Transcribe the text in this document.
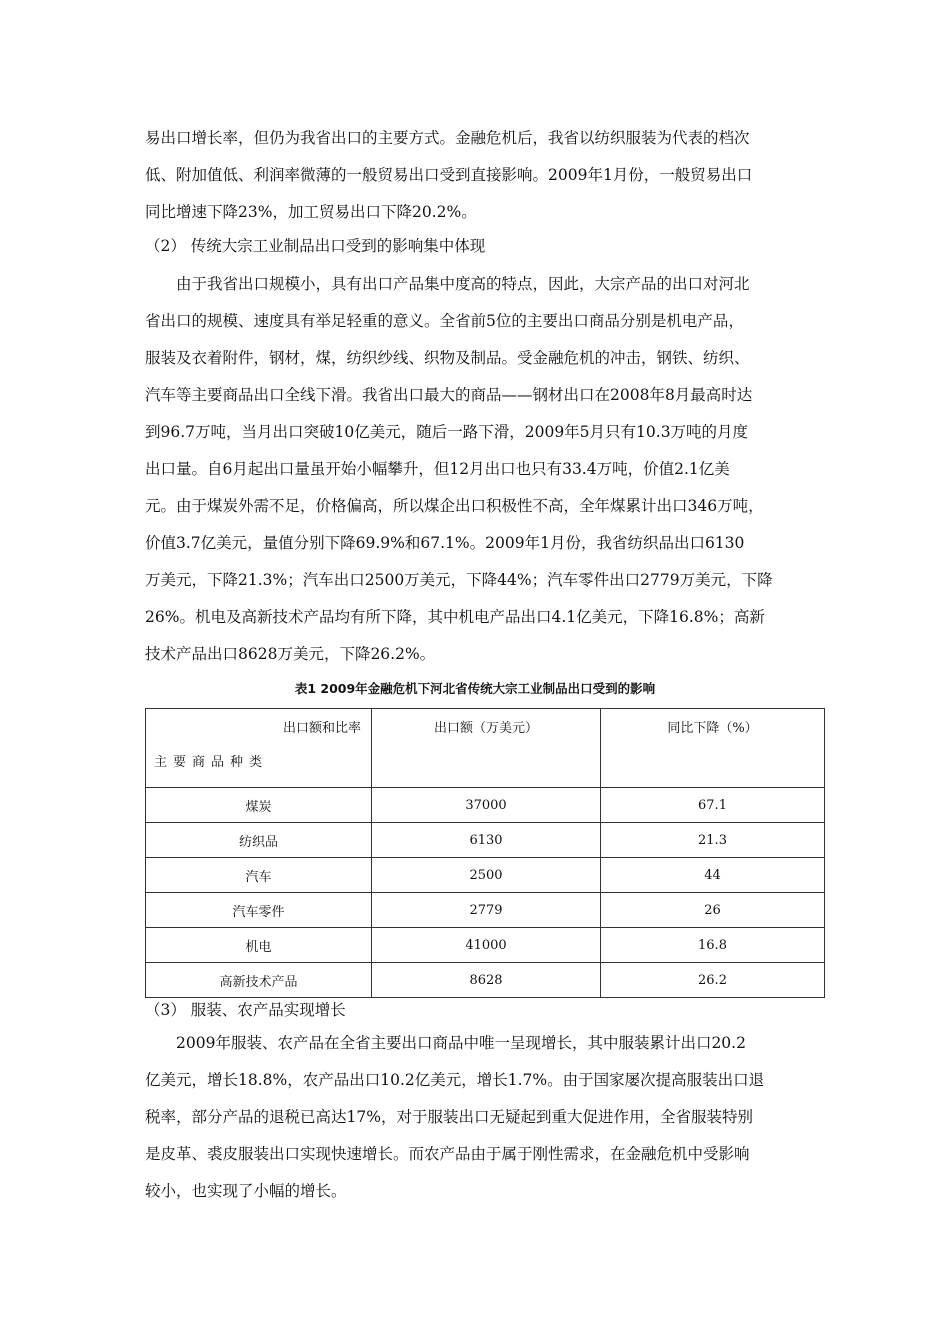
易出口增长率，但仍为我省出口的主要方式。金融危机后，我省以纺织服装为代表的档次
低、附加值低、利润率微薄的一般贸易出口受到直接影响。2009年1月份，一般贸易出口
同比增速下降23%，加工贸易出口下降20.2%。

（2） 传统大宗工业制品出口受到的影响集中体现

由于我省出口规模小，具有出口产品集中度高的特点，因此，大宗产品的出口对河北
省出口的规模、速度具有举足轻重的意义。全省前5位的主要出口商品分别是机电产品，
服装及衣着附件，钢材，煤，纺织纱线、织物及制品。受金融危机的冲击，钢铁、纺织、
汽车等主要商品出口全线下滑。我省出口最大的商品——钢材出口在2008年8月最高时达
到96.7万吨，当月出口突破10亿美元，随后一路下滑，2009年5月只有10.3万吨的月度
出口量。自6月起出口量虽开始小幅攀升，但12月出口也只有33.4万吨，价值2.1亿美
元。由于煤炭外需不足，价格偏高，所以煤企出口积极性不高，全年煤累计出口346万吨，
价值3.7亿美元，量值分别下降69.9%和67.1%。2009年1月份，我省纺织品出口6130
万美元，下降21.3%；汽车出口2500万美元，下降44%；汽车零件出口2779万美元，下降
26%。机电及高新技术产品均有所下降，其中机电产品出口4.1亿美元，下降16.8%；高新
技术产品出口8628万美元，下降26.2%。
表1 2009年金融危机下河北省传统大宗工业制品出口受到的影响
出口额和比率
主要商品种类	出口额（万美元）	同比下降（%）
煤炭	37000	67.1
纺织品	6130	21.3
汽车	2500	44
汽车零件	2779	26
机电	41000	16.8
高新技术产品	8628	26.2

（3） 服装、农产品实现增长

2009年服装、农产品在全省主要出口商品中唯一呈现增长，其中服装累计出口20.2
亿美元，增长18.8%，农产品出口10.2亿美元，增长1.7%。由于国家屡次提高服装出口退
税率，部分产品的退税已高达17%，对于服装出口无疑起到重大促进作用，全省服装特别
是皮革、裘皮服装出口实现快速增长。而农产品由于属于刚性需求，在金融危机中受影响
较小，也实现了小幅的增长。
